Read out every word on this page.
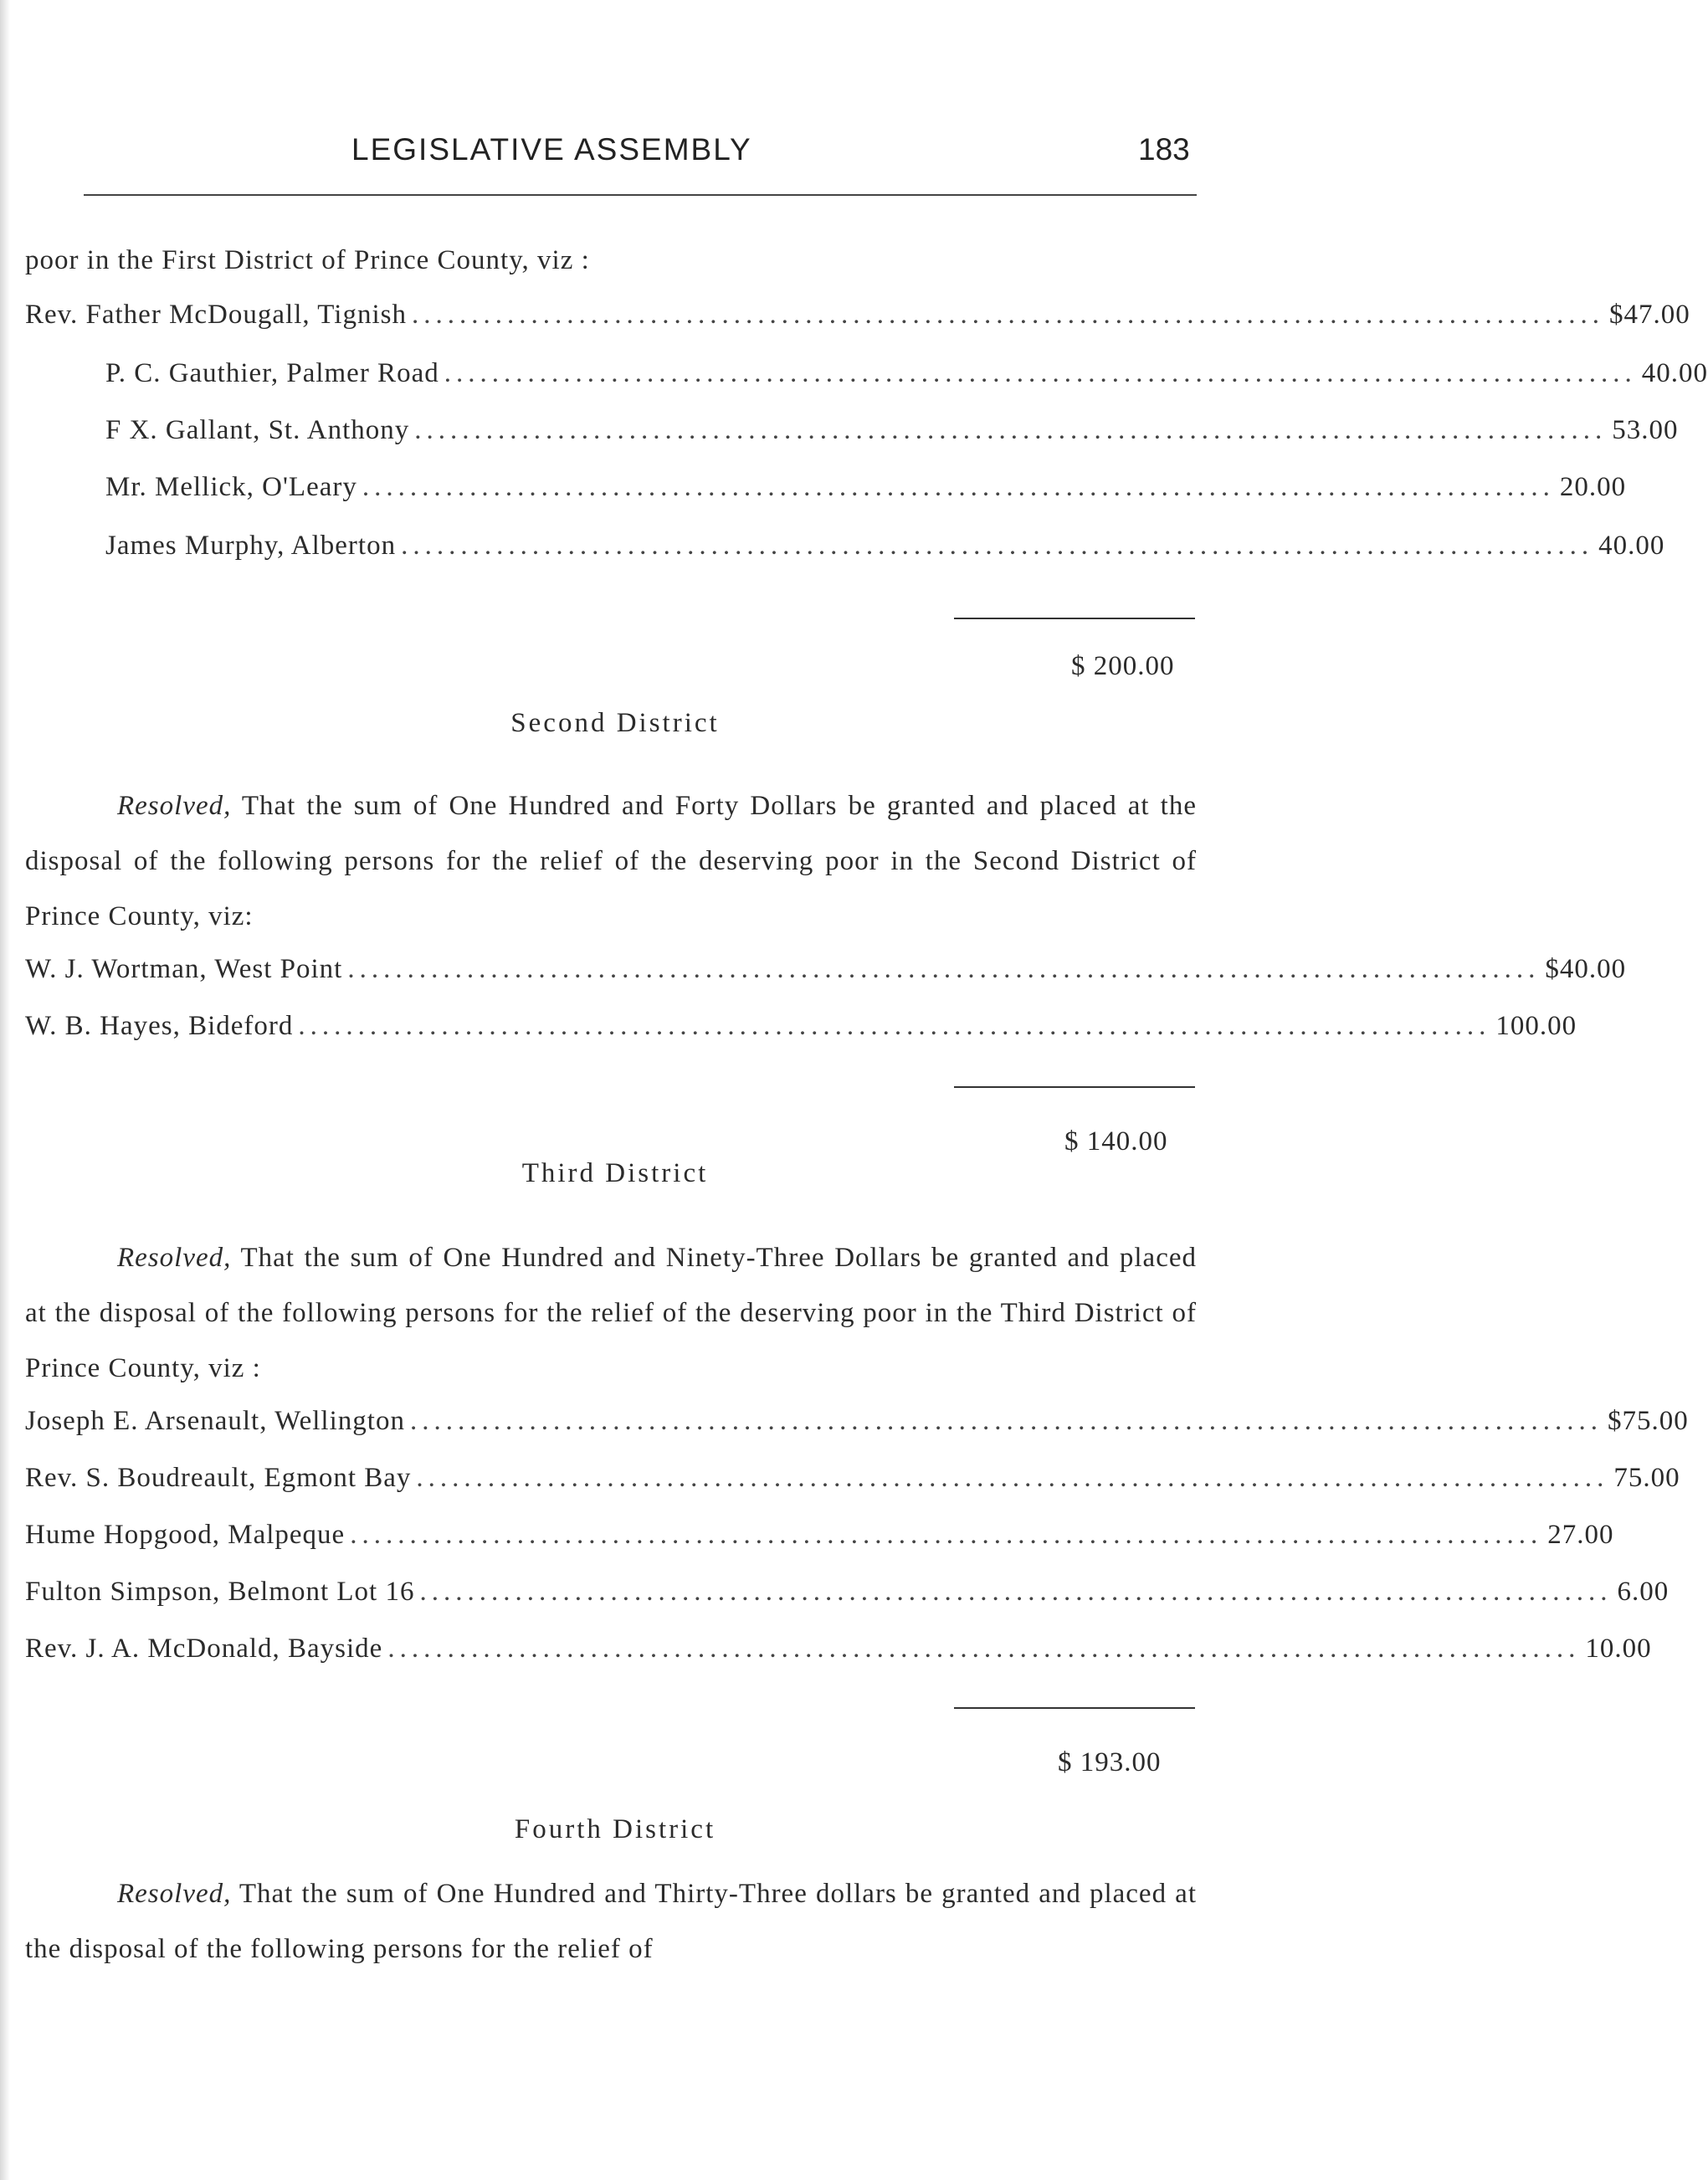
LEGISLATIVE ASSEMBLY	183
poor in the First District of Prince County, viz :
Rev. Father McDougall, Tignish .................................................................................................... $47.00
P. C. Gauthier, Palmer Road .................................................................................................... 40.00
F X. Gallant, St. Anthony .................................................................................................... 53.00
Mr. Mellick, O'Leary .................................................................................................... 20.00
James Murphy, Alberton .................................................................................................... 40.00
$ 200.00
Second District
Resolved, That the sum of One Hundred and Forty Dollars be granted and placed at the disposal of the following persons for the relief of the deserving poor in the Second District of Prince County, viz:
W. J. Wortman, West Point .................................................................................................... $40.00
W. B. Hayes, Bideford .................................................................................................... 100.00
$ 140.00
Third District
Resolved, That the sum of One Hundred and Ninety-Three Dollars be granted and placed at the disposal of the following persons for the relief of the deserving poor in the Third District of Prince County, viz :
Joseph E. Arsenault, Wellington .................................................................................................... $75.00
Rev. S. Boudreault, Egmont Bay .................................................................................................... 75.00
Hume Hopgood, Malpeque .................................................................................................... 27.00
Fulton Simpson, Belmont Lot 16 .................................................................................................... 6.00
Rev. J. A. McDonald, Bayside .................................................................................................... 10.00
$ 193.00
Fourth District
Resolved, That the sum of One Hundred and Thirty-Three dollars be granted and placed at the disposal of the following persons for the relief of
